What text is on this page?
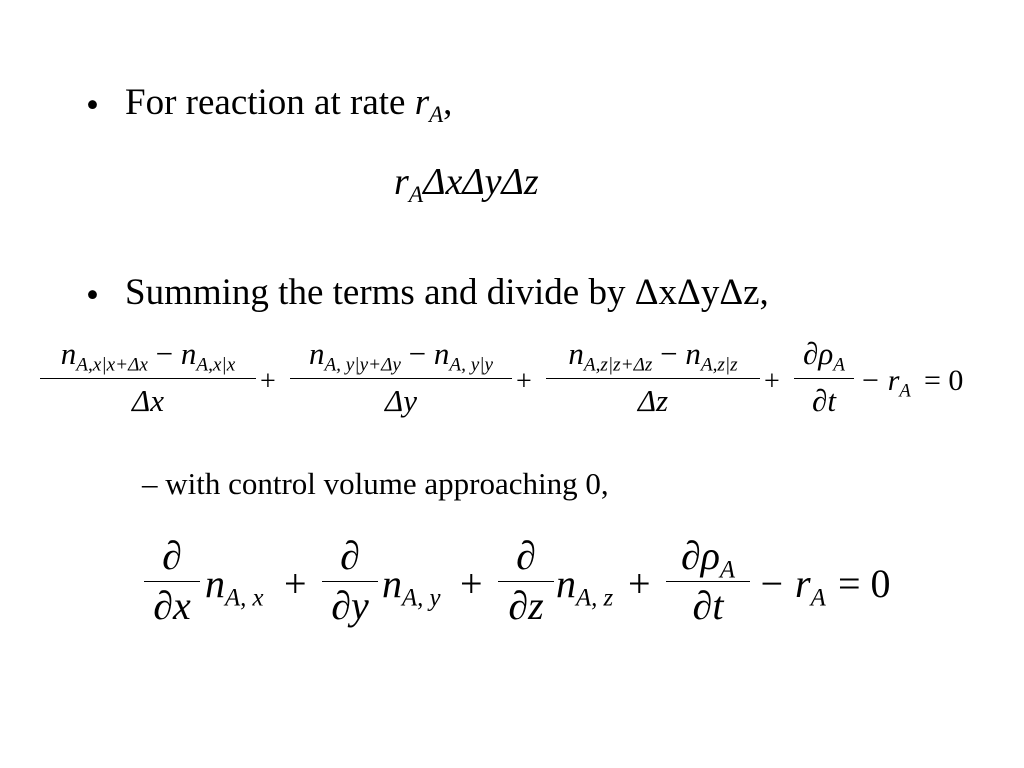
• For reaction at rate $r_A$,
$r_A\Delta x\Delta y\Delta z$
• Summing the terms and divide by ΔxΔyΔz,
$n_{A,x|x+\Delta x} - n_{A,x|x}$
Δx
+
$n_{A, y|y+\Delta y} - n_{A, y|y}$
Δy
+
$n_{A,z|z+\Delta z} - n_{A,z|z}$
Δz
+
$\partial\rho_A$
∂t
− $r_A = 0$
– with control volume approaching 0,
∂
∂x $n_{A, x}$ +
∂
∂y $n_{A, y}$ +
∂
∂z $n_{A, z}$ +
$\partial\rho_A$
$\partial t - r_A = 0$
